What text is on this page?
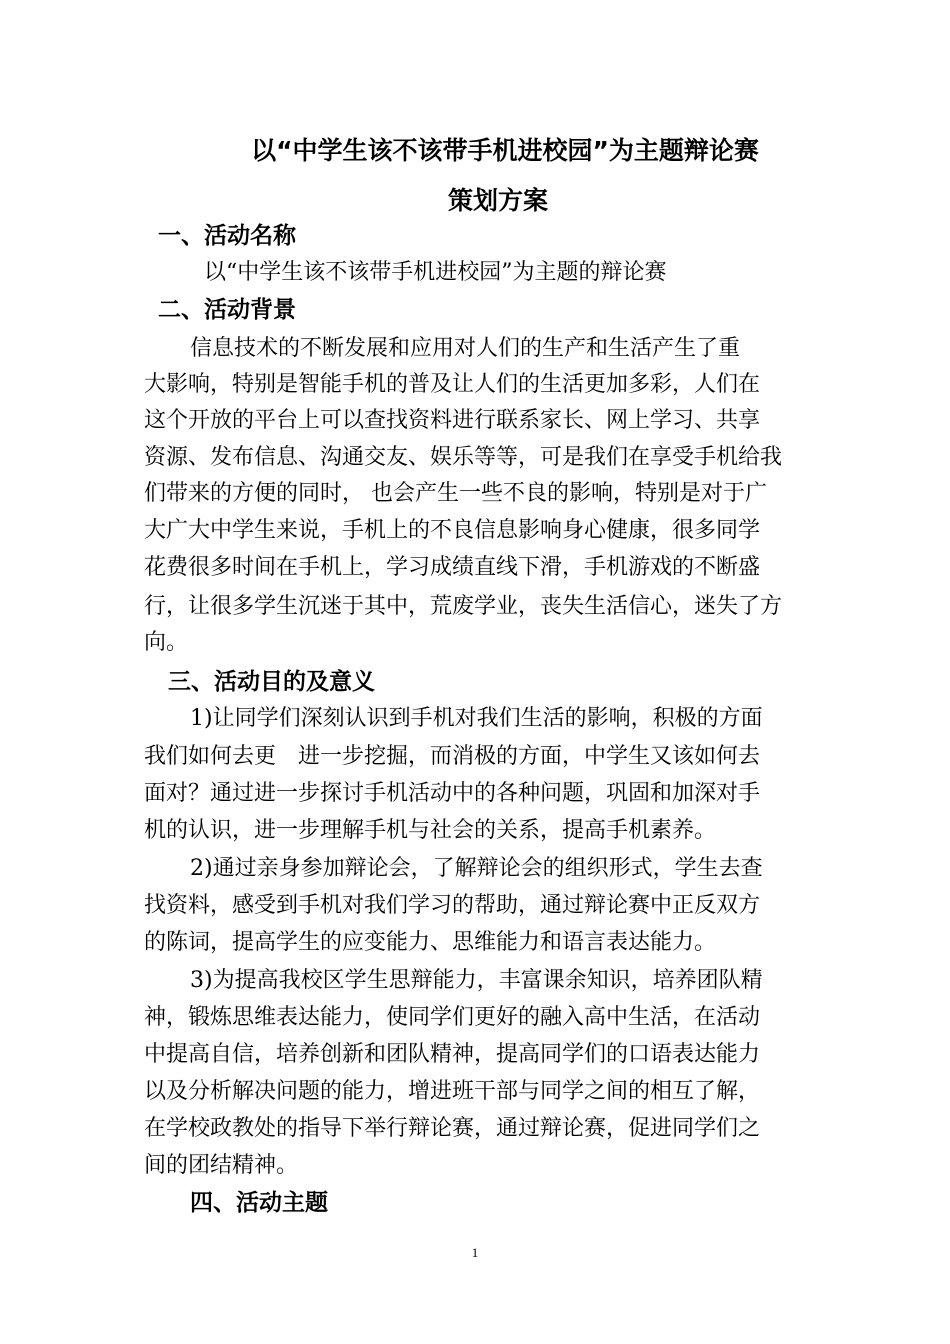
以“中学生该不该带手机进校园”为主题辩论赛
策划方案
一、活动名称
以“中学生该不该带手机进校园”为主题的辩论赛
二、活动背景
信息技术的不断发展和应用对人们的生产和生活产生了重
大影响，特别是智能手机的普及让人们的生活更加多彩，人们在
这个开放的平台上可以查找资料进行联系家长、网上学习、共享
资源、发布信息、沟通交友、娱乐等等，可是我们在享受手机给我
们带来的方便的同时， 也会产生一些不良的影响，特别是对于广
大广大中学生来说，手机上的不良信息影响身心健康，很多同学
花费很多时间在手机上，学习成绩直线下滑，手机游戏的不断盛
行，让很多学生沉迷于其中，荒废学业，丧失生活信心，迷失了方
向。
三、活动目的及意义
1)让同学们深刻认识到手机对我们生活的影响，积极的方面
我们如何去更　进一步挖掘，而消极的方面，中学生又该如何去
面对？通过进一步探讨手机活动中的各种问题，巩固和加深对手
机的认识，进一步理解手机与社会的关系，提高手机素养。
2)通过亲身参加辩论会，了解辩论会的组织形式，学生去查
找资料，感受到手机对我们学习的帮助，通过辩论赛中正反双方
的陈词，提高学生的应变能力、思维能力和语言表达能力。
3)为提高我校区学生思辩能力，丰富课余知识，培养团队精
神，锻炼思维表达能力，使同学们更好的融入高中生活，在活动
中提高自信，培养创新和团队精神，提高同学们的口语表达能力
以及分析解决问题的能力，增进班干部与同学之间的相互了解，
在学校政教处的指导下举行辩论赛，通过辩论赛，促进同学们之
间的团结精神。
四、活动主题
1
